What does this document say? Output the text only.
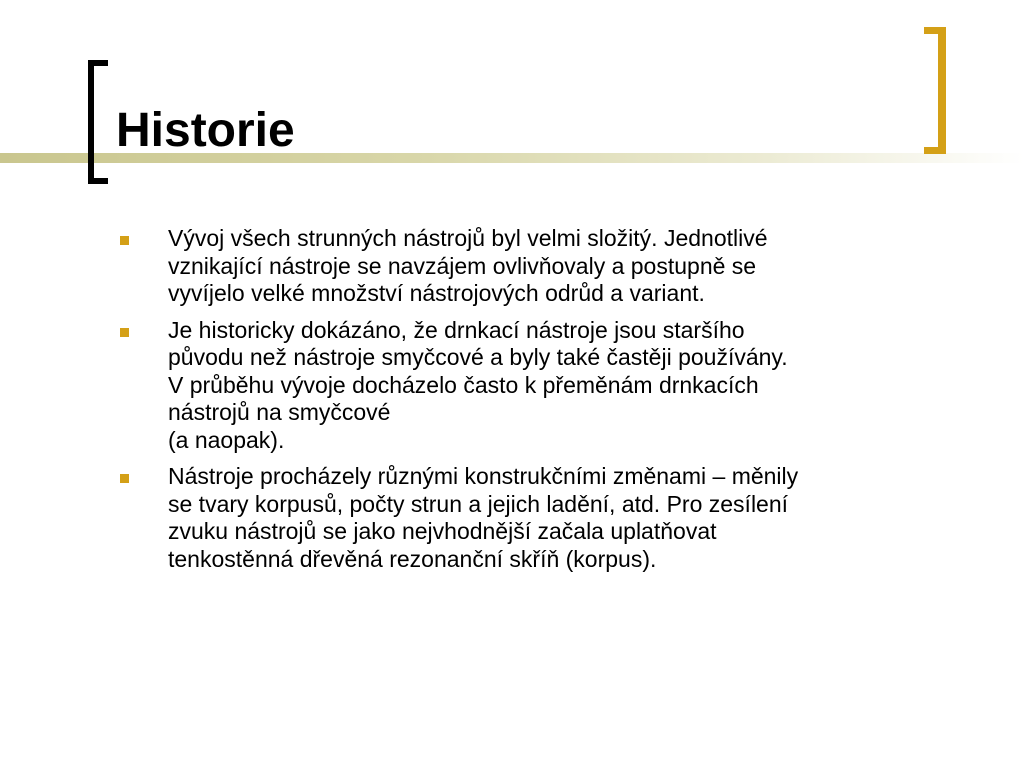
Historie
Vývoj všech strunných nástrojů byl velmi složitý. Jednotlivé
vznikající nástroje se navzájem ovlivňovaly a postupně se
vyvíjelo velké množství nástrojových odrůd a variant.
Je historicky dokázáno, že drnkací nástroje jsou staršího
původu než nástroje smyčcové a byly také častěji používány.
V průběhu vývoje docházelo často k přeměnám drnkacích
nástrojů na smyčcové
(a naopak).
Nástroje procházely různými konstrukčními změnami – měnily
se tvary korpusů, počty strun a jejich ladění, atd. Pro zesílení
zvuku nástrojů se jako nejvhodnější začala uplatňovat
tenkostěnná dřevěná rezonanční skříň (korpus).
